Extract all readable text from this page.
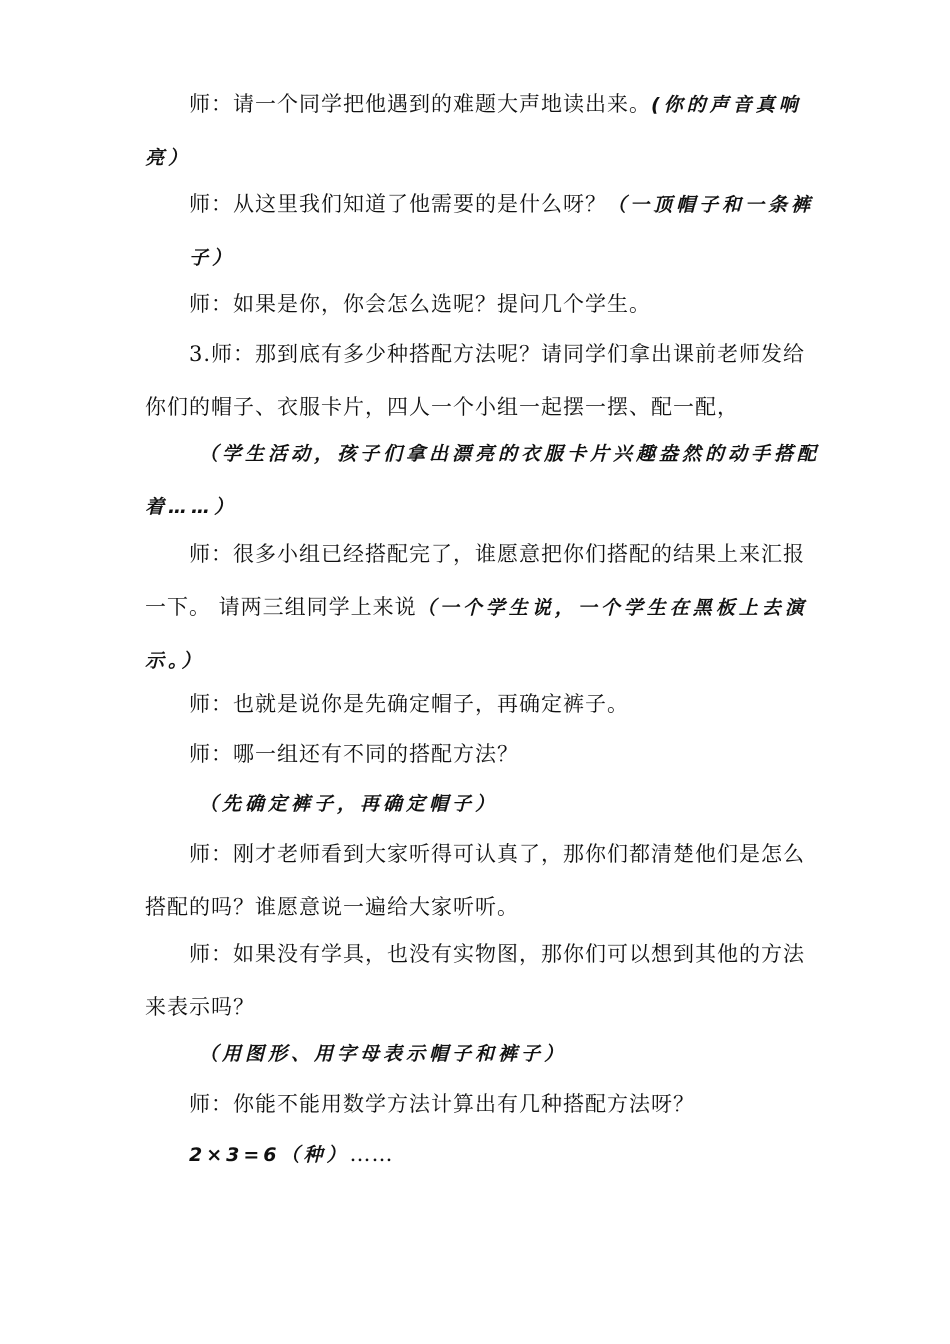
师：请一个同学把他遇到的难题大声地读出来。(你的声音真响
亮）

师：从这里我们知道了他需要的是什么呀？（一顶帽子和一条裤
子）

师：如果是你，你会怎么选呢？提问几个学生。

3.师：那到底有多少种搭配方法呢？请同学们拿出课前老师发给
你们的帽子、衣服卡片，四人一个小组一起摆一摆、配一配，

（学生活动，孩子们拿出漂亮的衣服卡片兴趣盎然的动手搭配
着……）

师：很多小组已经搭配完了，谁愿意把你们搭配的结果上来汇报
一下。 请两三组同学上来说（一个学生说，一个学生在黑板上去演
示。）

师：也就是说你是先确定帽子，再确定裤子。

师：哪一组还有不同的搭配方法？

（先确定裤子，再确定帽子）

师：刚才老师看到大家听得可认真了，那你们都清楚他们是怎么
搭配的吗？谁愿意说一遍给大家听听。

师：如果没有学具，也没有实物图，那你们可以想到其他的方法
来表示吗？

（用图形、用字母表示帽子和裤子）

师：你能不能用数学方法计算出有几种搭配方法呀？

2×3=6（种）……
